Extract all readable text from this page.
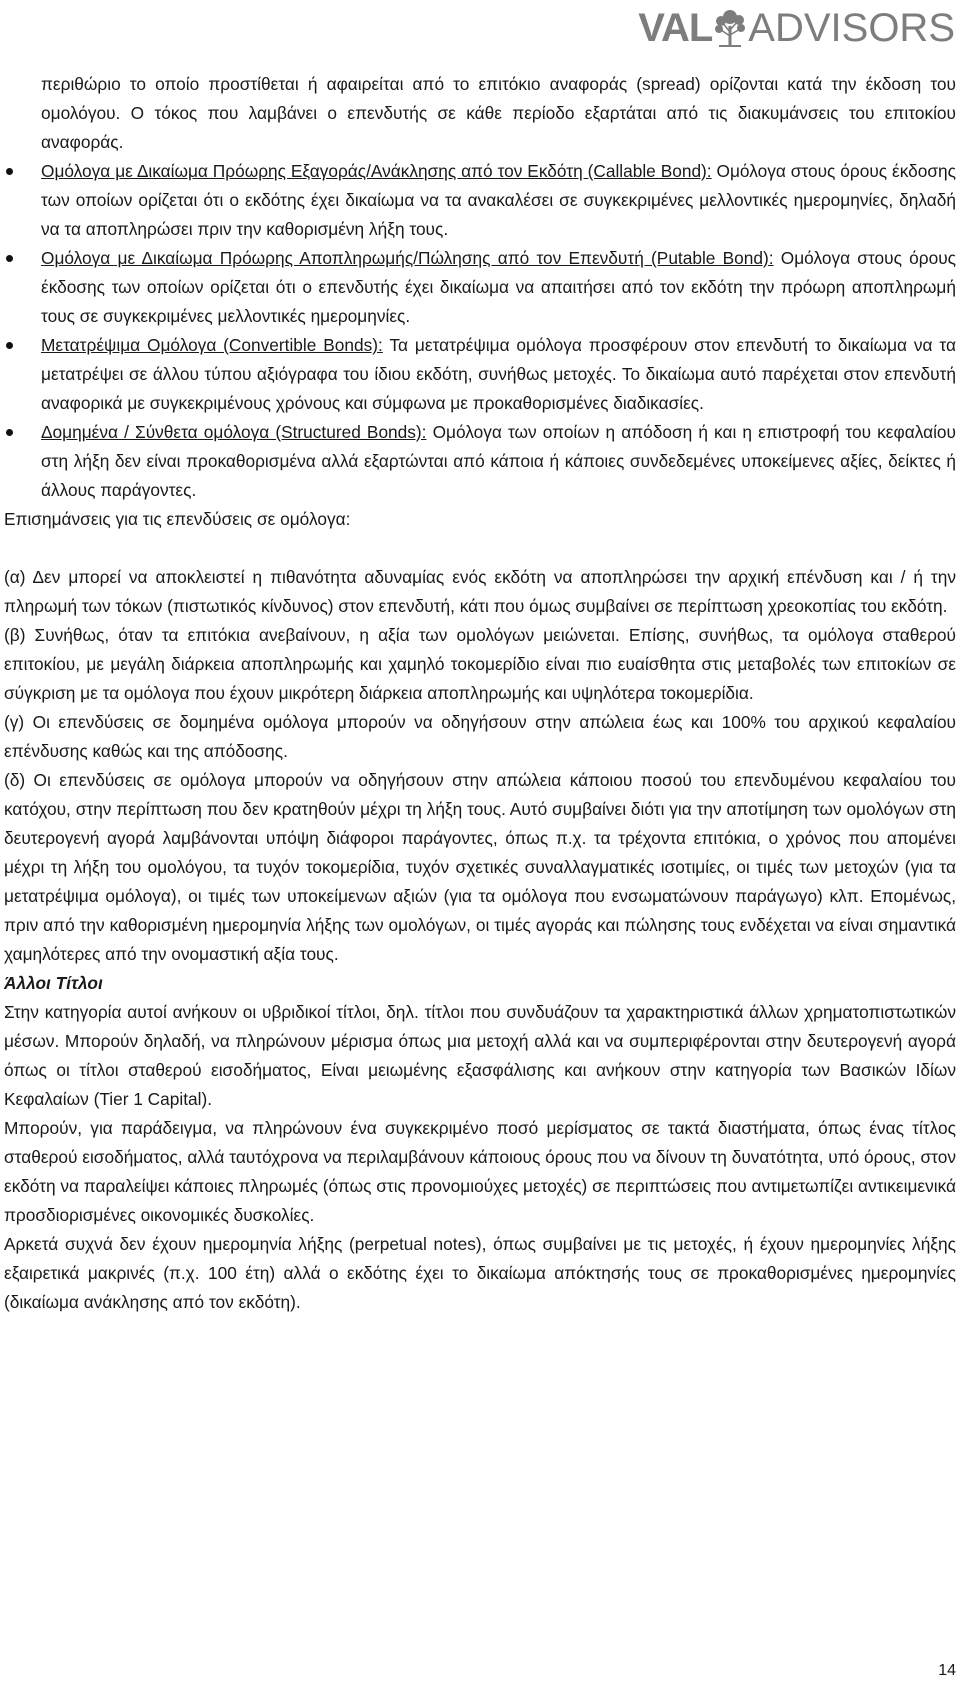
VAL ADVISORS

περιθώριο το οποίο προστίθεται ή αφαιρείται από το επιτόκιο αναφοράς (spread) ορίζονται κατά την έκδοση του ομολόγου. Ο τόκος που λαμβάνει ο επενδυτής σε κάθε περίοδο εξαρτάται από τις διακυμάνσεις του επιτοκίου αναφοράς.

Ομόλογα με Δικαίωμα Πρόωρης Εξαγοράς/Ανάκλησης από τον Εκδότη (Callable Bond): Ομόλογα στους όρους έκδοσης των οποίων ορίζεται ότι ο εκδότης έχει δικαίωμα να τα ανακαλέσει σε συγκεκριμένες μελλοντικές ημερομηνίες, δηλαδή να τα αποπληρώσει πριν την καθορισμένη λήξη τους.
Ομόλογα με Δικαίωμα Πρόωρης Αποπληρωμής/Πώλησης από τον Επενδυτή (Putable Bond): Ομόλογα στους όρους έκδοσης των οποίων ορίζεται ότι ο επενδυτής έχει δικαίωμα να απαιτήσει από τον εκδότη την πρόωρη αποπληρωμή τους σε συγκεκριμένες μελλοντικές ημερομηνίες.
Μετατρέψιμα Ομόλογα (Convertible Bonds): Τα μετατρέψιμα ομόλογα προσφέρουν στον επενδυτή το δικαίωμα να τα μετατρέψει σε άλλου τύπου αξιόγραφα του ίδιου εκδότη, συνήθως μετοχές. Το δικαίωμα αυτό παρέχεται στον επενδυτή αναφορικά με συγκεκριμένους χρόνους και σύμφωνα με προκαθορισμένες διαδικασίες.
Δομημένα / Σύνθετα ομόλογα (Structured Bonds): Ομόλογα των οποίων η απόδοση ή και η επιστροφή του κεφαλαίου στη λήξη δεν είναι προκαθορισμένα αλλά εξαρτώνται από κάποια ή κάποιες συνδεδεμένες υποκείμενες αξίες, δείκτες ή άλλους παράγοντες.

Επισημάνσεις για τις επενδύσεις σε ομόλογα:

(α) Δεν μπορεί να αποκλειστεί η πιθανότητα αδυναμίας ενός εκδότη να αποπληρώσει την αρχική επένδυση και / ή την πληρωμή των τόκων (πιστωτικός κίνδυνος) στον επενδυτή, κάτι που όμως συμβαίνει σε περίπτωση χρεοκοπίας του εκδότη.

(β) Συνήθως, όταν τα επιτόκια ανεβαίνουν, η αξία των ομολόγων μειώνεται. Επίσης, συνήθως, τα ομόλογα σταθερού επιτοκίου, με μεγάλη διάρκεια αποπληρωμής και χαμηλό τοκομερίδιο είναι πιο ευαίσθητα στις μεταβολές των επιτοκίων σε σύγκριση με τα ομόλογα που έχουν μικρότερη διάρκεια αποπληρωμής και υψηλότερα τοκομερίδια.

(γ) Οι επενδύσεις σε δομημένα ομόλογα μπορούν να οδηγήσουν στην απώλεια έως και 100% του αρχικού κεφαλαίου επένδυσης καθώς και της απόδοσης.

(δ) Οι επενδύσεις σε ομόλογα μπορούν να οδηγήσουν στην απώλεια κάποιου ποσού του επενδυμένου κεφαλαίου του κατόχου, στην περίπτωση που δεν κρατηθούν μέχρι τη λήξη τους. Αυτό συμβαίνει διότι για την αποτίμηση των ομολόγων στη δευτερογενή αγορά λαμβάνονται υπόψη διάφοροι παράγοντες, όπως π.χ. τα τρέχοντα επιτόκια, ο χρόνος που απομένει μέχρι τη λήξη του ομολόγου, τα τυχόν τοκομερίδια, τυχόν σχετικές συναλλαγματικές ισοτιμίες, οι τιμές των μετοχών (για τα μετατρέψιμα ομόλογα), οι τιμές των υποκείμενων αξιών (για τα ομόλογα που ενσωματώνουν παράγωγο) κλπ. Επομένως, πριν από την καθορισμένη ημερομηνία λήξης των ομολόγων, οι τιμές αγοράς και πώλησης τους ενδέχεται να είναι σημαντικά χαμηλότερες από την ονομαστική αξία τους.

Άλλοι Τίτλοι

Στην κατηγορία αυτοί ανήκουν οι υβριδικοί τίτλοι, δηλ. τίτλοι που συνδυάζουν τα χαρακτηριστικά άλλων χρηματοπιστωτικών μέσων. Μπορούν δηλαδή, να πληρώνουν μέρισμα όπως μια μετοχή αλλά και να συμπεριφέρονται στην δευτερογενή αγορά όπως οι τίτλοι σταθερού εισοδήματος, Είναι μειωμένης εξασφάλισης και ανήκουν στην κατηγορία των Βασικών Ιδίων Κεφαλαίων (Tier 1 Capital).

Μπορούν, για παράδειγμα, να πληρώνουν ένα συγκεκριμένο ποσό μερίσματος σε τακτά διαστήματα, όπως ένας τίτλος σταθερού εισοδήματος, αλλά ταυτόχρονα να περιλαμβάνουν κάποιους όρους που να δίνουν τη δυνατότητα, υπό όρους, στον εκδότη να παραλείψει κάποιες πληρωμές (όπως στις προνομιούχες μετοχές) σε περιπτώσεις που αντιμετωπίζει αντικειμενικά προσδιορισμένες οικονομικές δυσκολίες.

Αρκετά συχνά δεν έχουν ημερομηνία λήξης (perpetual notes), όπως συμβαίνει με τις μετοχές, ή έχουν ημερομηνίες λήξης εξαιρετικά μακρινές (π.χ. 100 έτη) αλλά ο εκδότης έχει το δικαίωμα απόκτησής τους σε προκαθορισμένες ημερομηνίες (δικαίωμα ανάκλησης από τον εκδότη).

14
